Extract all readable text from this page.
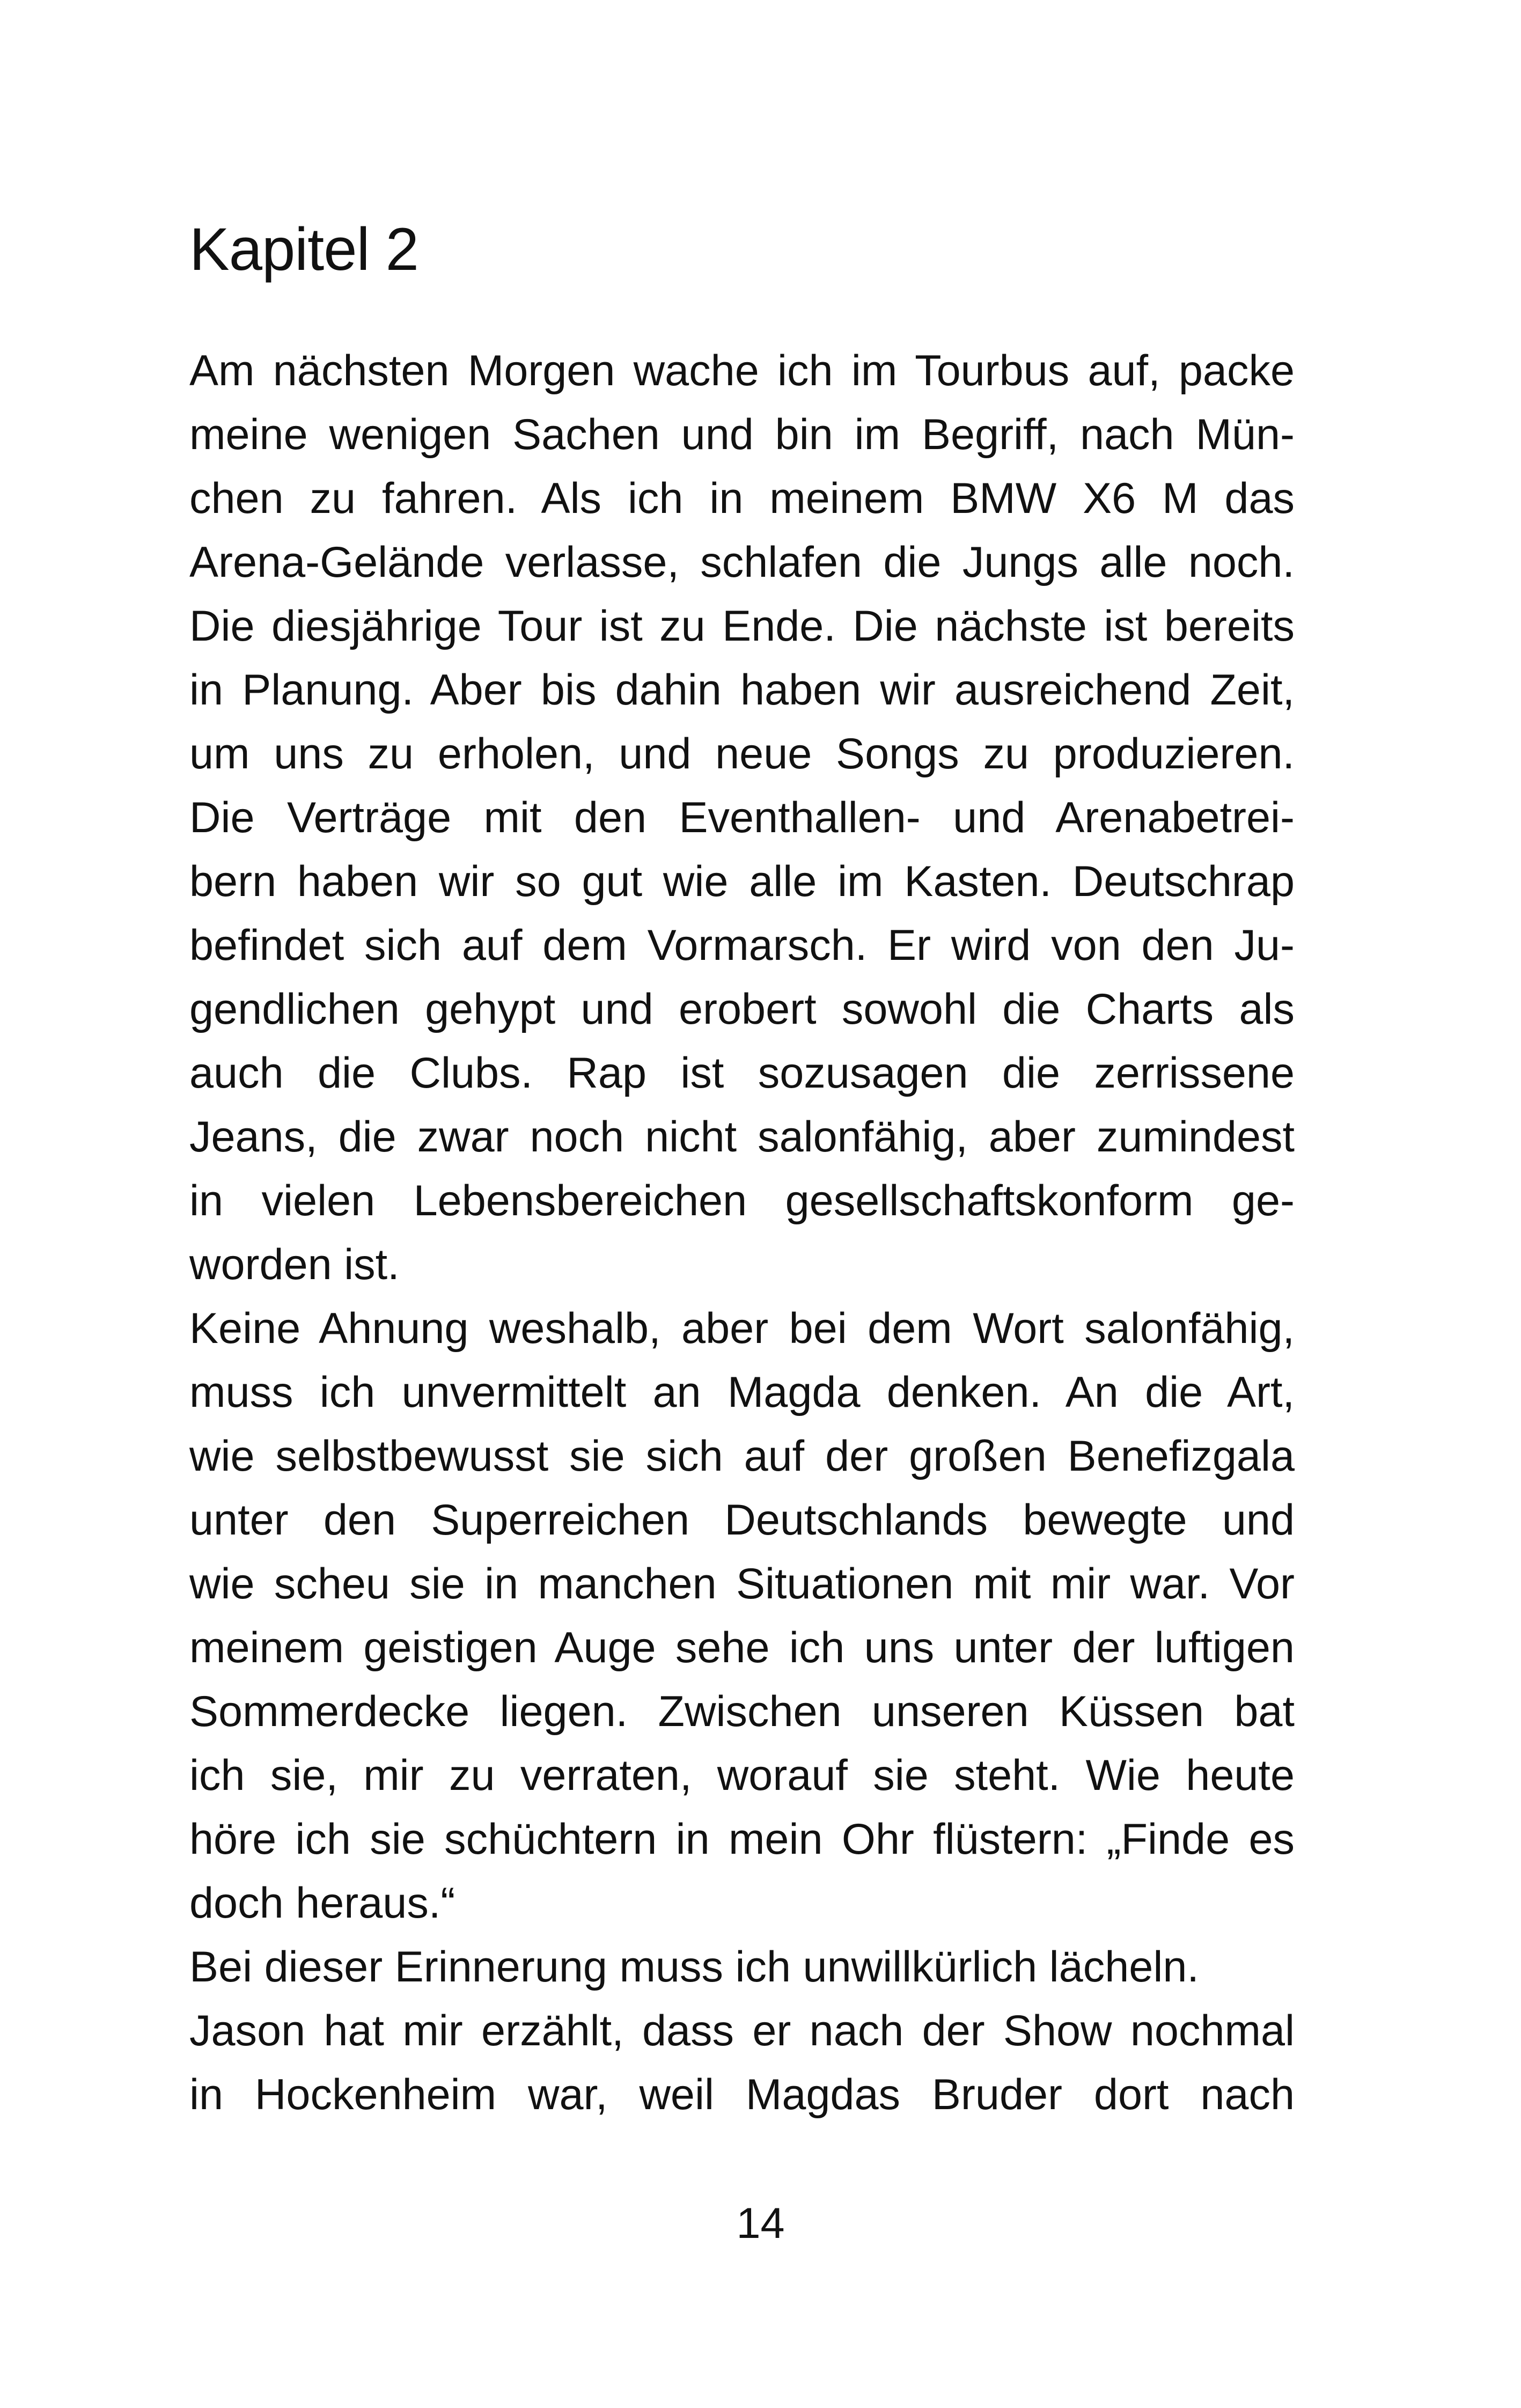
Kapitel 2
Am nächsten Morgen wache ich im Tourbus auf, packe
meine wenigen Sachen und bin im Begriff, nach Mün-
chen zu fahren. Als ich in meinem BMW X6 M das
Arena-Gelände verlasse, schlafen die Jungs alle noch.
Die diesjährige Tour ist zu Ende. Die nächste ist bereits
in Planung. Aber bis dahin haben wir ausreichend Zeit,
um uns zu erholen, und neue Songs zu produzieren.
Die Verträge mit den Eventhallen- und Arenabetrei-
bern haben wir so gut wie alle im Kasten. Deutschrap
befindet sich auf dem Vormarsch. Er wird von den Ju-
gendlichen gehypt und erobert sowohl die Charts als
auch die Clubs. Rap ist sozusagen die zerrissene
Jeans, die zwar noch nicht salonfähig, aber zumindest
in vielen Lebensbereichen gesellschaftskonform ge-
worden ist.
Keine Ahnung weshalb, aber bei dem Wort salonfähig,
muss ich unvermittelt an Magda denken. An die Art,
wie selbstbewusst sie sich auf der großen Benefizgala
unter den Superreichen Deutschlands bewegte und
wie scheu sie in manchen Situationen mit mir war. Vor
meinem geistigen Auge sehe ich uns unter der luftigen
Sommerdecke liegen. Zwischen unseren Küssen bat
ich sie, mir zu verraten, worauf sie steht. Wie heute
höre ich sie schüchtern in mein Ohr flüstern: „Finde es
doch heraus.“
Bei dieser Erinnerung muss ich unwillkürlich lächeln.
Jason hat mir erzählt, dass er nach der Show nochmal
in Hockenheim war, weil Magdas Bruder dort nach
14
